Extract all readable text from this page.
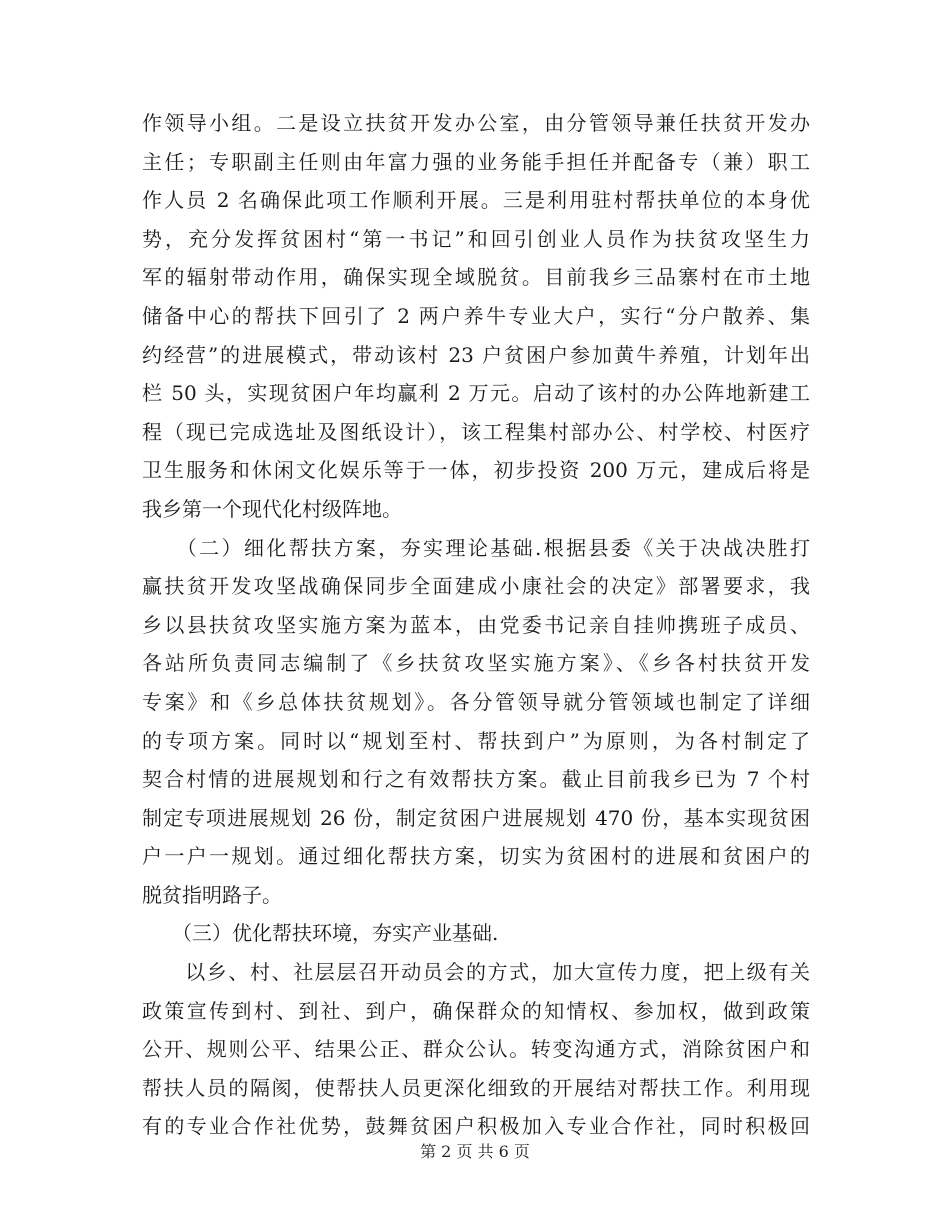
作领导小组。二是设立扶贫开发办公室，由分管领导兼任扶贫开发办
主任；专职副主任则由年富力强的业务能手担任并配备专（兼）职工
作人员 2 名确保此项工作顺利开展。三是利用驻村帮扶单位的本身优
势，充分发挥贫困村“第一书记”和回引创业人员作为扶贫攻坚生力
军的辐射带动作用，确保实现全域脱贫。目前我乡三品寨村在市土地
储备中心的帮扶下回引了 2 两户养牛专业大户，实行“分户散养、集
约经营”的进展模式，带动该村 23 户贫困户参加黄牛养殖，计划年出
栏 50 头，实现贫困户年均赢利 2 万元。启动了该村的办公阵地新建工
程（现已完成选址及图纸设计），该工程集村部办公、村学校、村医疗
卫生服务和休闲文化娱乐等于一体，初步投资 200 万元，建成后将是
我乡第一个现代化村级阵地。
　　（二）细化帮扶方案，夯实理论基础.根据县委《关于决战决胜打
赢扶贫开发攻坚战确保同步全面建成小康社会的决定》部署要求，我
乡以县扶贫攻坚实施方案为蓝本，由党委书记亲自挂帅携班子成员、
各站所负责同志编制了《乡扶贫攻坚实施方案》、《乡各村扶贫开发
专案》和《乡总体扶贫规划》。各分管领导就分管领域也制定了详细
的专项方案。同时以“规划至村、帮扶到户”为原则，为各村制定了
契合村情的进展规划和行之有效帮扶方案。截止目前我乡已为 7 个村
制定专项进展规划 26 份，制定贫困户进展规划 470 份，基本实现贫困
户一户一规划。通过细化帮扶方案，切实为贫困村的进展和贫困户的
脱贫指明路子。
　　（三）优化帮扶环境，夯实产业基础.
　　以乡、村、社层层召开动员会的方式，加大宣传力度，把上级有关
政策宣传到村、到社、到户，确保群众的知情权、参加权，做到政策
公开、规则公平、结果公正、群众公认。转变沟通方式，消除贫困户和
帮扶人员的隔阂，使帮扶人员更深化细致的开展结对帮扶工作。利用现
有的专业合作社优势，鼓舞贫困户积极加入专业合作社，同时积极回
第 2 页 共 6 页
